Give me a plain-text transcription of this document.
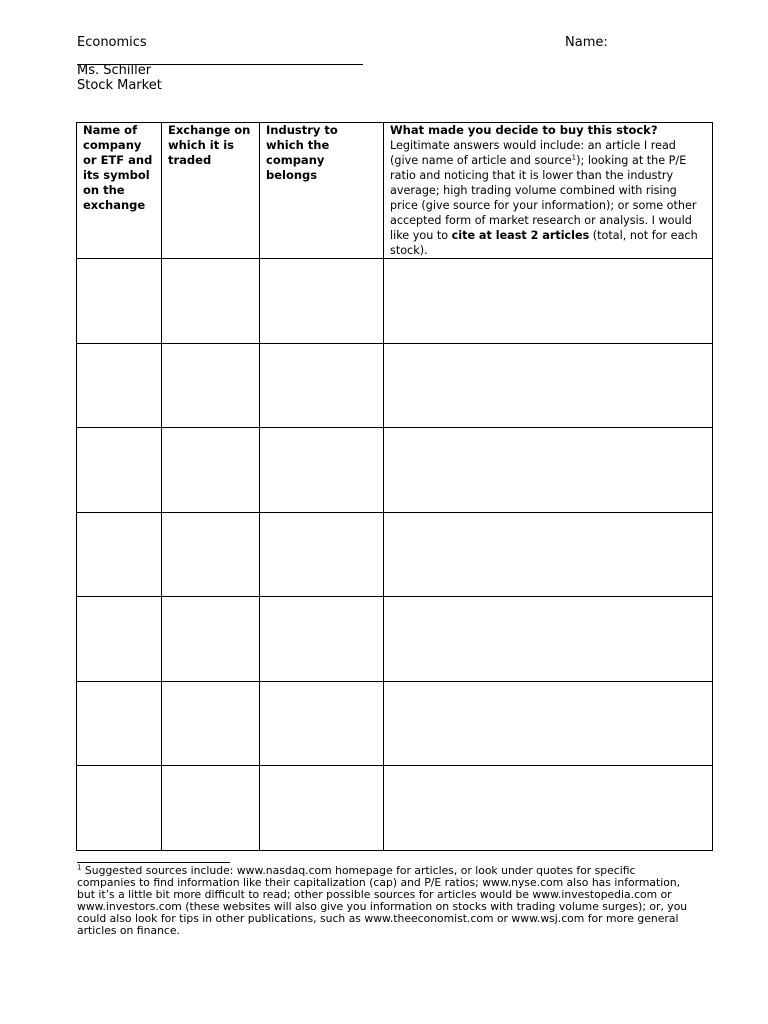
Economics	Name:
Ms. Schiller
Stock Market
Name of company or ETF and its symbol on the exchange	Exchange on which it is traded	Industry to which the company belongs	What made you decide to buy this stock?
Legitimate answers would include: an article I read (give name of article and source$^1$); looking at the P/E ratio and noticing that it is lower than the industry average; high trading volume combined with rising price (give source for your information); or some other accepted form of market research or analysis. I would like you to cite at least 2 articles (total, not for each stock).

$^1$ Suggested sources include: www.nasdaq.com homepage for articles, or look under quotes for specific companies to find information like their capitalization (cap) and P/E ratios; www.nyse.com also has information, but it’s a little bit more difficult to read; other possible sources for articles would be www.investopedia.com or www.investors.com (these websites will also give you information on stocks with trading volume surges); or, you could also look for tips in other publications, such as www.theeconomist.com or www.wsj.com for more general articles on finance.
